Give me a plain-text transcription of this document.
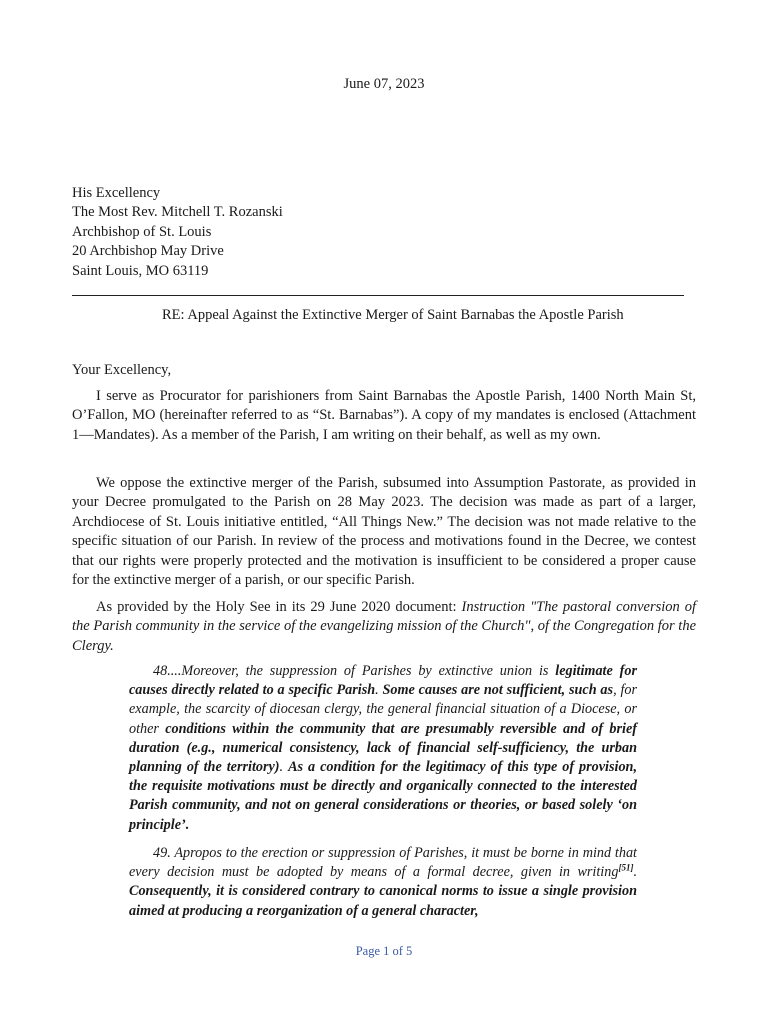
June 07, 2023
His Excellency
The Most Rev. Mitchell T. Rozanski
Archbishop of St. Louis
20 Archbishop May Drive
Saint Louis, MO 63119
RE: Appeal Against the Extinctive Merger of Saint Barnabas the Apostle Parish
Your Excellency,
I serve as Procurator for parishioners from Saint Barnabas the Apostle Parish, 1400 North Main St, O’Fallon, MO (hereinafter referred to as “St. Barnabas”). A copy of my mandates is enclosed (Attachment 1—Mandates). As a member of the Parish, I am writing on their behalf, as well as my own.
We oppose the extinctive merger of the Parish, subsumed into Assumption Pastorate, as provided in your Decree promulgated to the Parish on 28 May 2023. The decision was made as part of a larger, Archdiocese of St. Louis initiative entitled, “All Things New.” The decision was not made relative to the specific situation of our Parish. In review of the process and motivations found in the Decree, we contest that our rights were properly protected and the motivation is insufficient to be considered a proper cause for the extinctive merger of a parish, or our specific Parish.
As provided by the Holy See in its 29 June 2020 document: Instruction "The pastoral conversion of the Parish community in the service of the evangelizing mission of the Church", of the Congregation for the Clergy.
48....Moreover, the suppression of Parishes by extinctive union is legitimate for causes directly related to a specific Parish. Some causes are not sufficient, such as, for example, the scarcity of diocesan clergy, the general financial situation of a Diocese, or other conditions within the community that are presumably reversible and of brief duration (e.g., numerical consistency, lack of financial self-sufficiency, the urban planning of the territory). As a condition for the legitimacy of this type of provision, the requisite motivations must be directly and organically connected to the interested Parish community, and not on general considerations or theories, or based solely ‘on principle’.
49. Apropos to the erection or suppression of Parishes, it must be borne in mind that every decision must be adopted by means of a formal decree, given in writing[51]. Consequently, it is considered contrary to canonical norms to issue a single provision aimed at producing a reorganization of a general character,
Page 1 of 5
